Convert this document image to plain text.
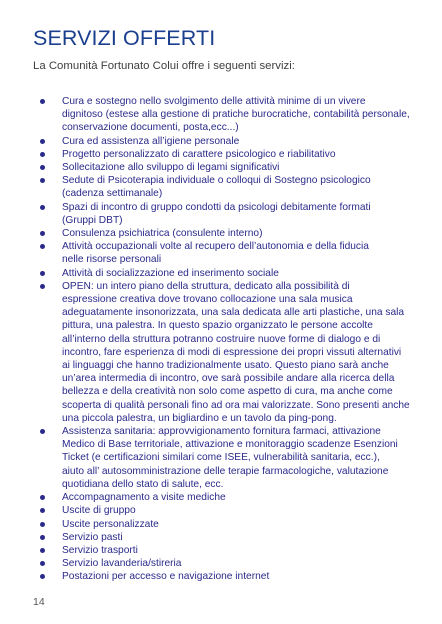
SERVIZI OFFERTI
La Comunità Fortunato Colui offre i seguenti servizi:
Cura e sostegno nello svolgimento delle attività minime di un vivere
dignitoso (estese alla gestione di pratiche burocratiche, contabilità personale,
conservazione documenti, posta,ecc...)
Cura ed assistenza all’igiene personale
Progetto personalizzato di carattere psicologico e riabilitativo
Sollecitazione allo sviluppo di legami significativi
Sedute di Psicoterapia individuale o colloqui di Sostegno psicologico
(cadenza settimanale)
Spazi di incontro di gruppo condotti da psicologi debitamente formati
(Gruppi DBT)
Consulenza psichiatrica (consulente interno)
Attività occupazionali volte al recupero dell’autonomia e della fiducia
nelle risorse personali
Attività di socializzazione ed inserimento sociale
OPEN: un intero piano della struttura, dedicato alla possibilità di
espressione creativa dove trovano collocazione una sala musica
adeguatamente insonorizzata, una sala dedicata alle arti plastiche, una sala
pittura, una palestra. In questo spazio organizzato le persone accolte
all’interno della struttura potranno costruire nuove forme di dialogo e di
incontro, fare esperienza di modi di espressione dei propri vissuti alternativi
ai linguaggi che hanno tradizionalmente usato. Questo piano sarà anche
un’area intermedia di incontro, ove sarà possibile andare alla ricerca della
bellezza e della creatività non solo come aspetto di cura, ma anche come
scoperta di qualità personali fino ad ora mai valorizzate. Sono presenti anche
una piccola palestra, un bigliardino e un tavolo da ping-pong.
Assistenza sanitaria: approvvigionamento fornitura farmaci, attivazione
Medico di Base territoriale, attivazione e monitoraggio scadenze Esenzioni
Ticket (e certificazioni similari come ISEE, vulnerabilità sanitaria, ecc.),
aiuto all’ autosomministrazione delle terapie farmacologiche, valutazione
quotidiana dello stato di salute, ecc.
Accompagnamento a visite mediche
Uscite di gruppo
Uscite personalizzate
Servizio pasti
Servizio trasporti
Servizio lavanderia/stireria
Postazioni per accesso e navigazione internet
14
